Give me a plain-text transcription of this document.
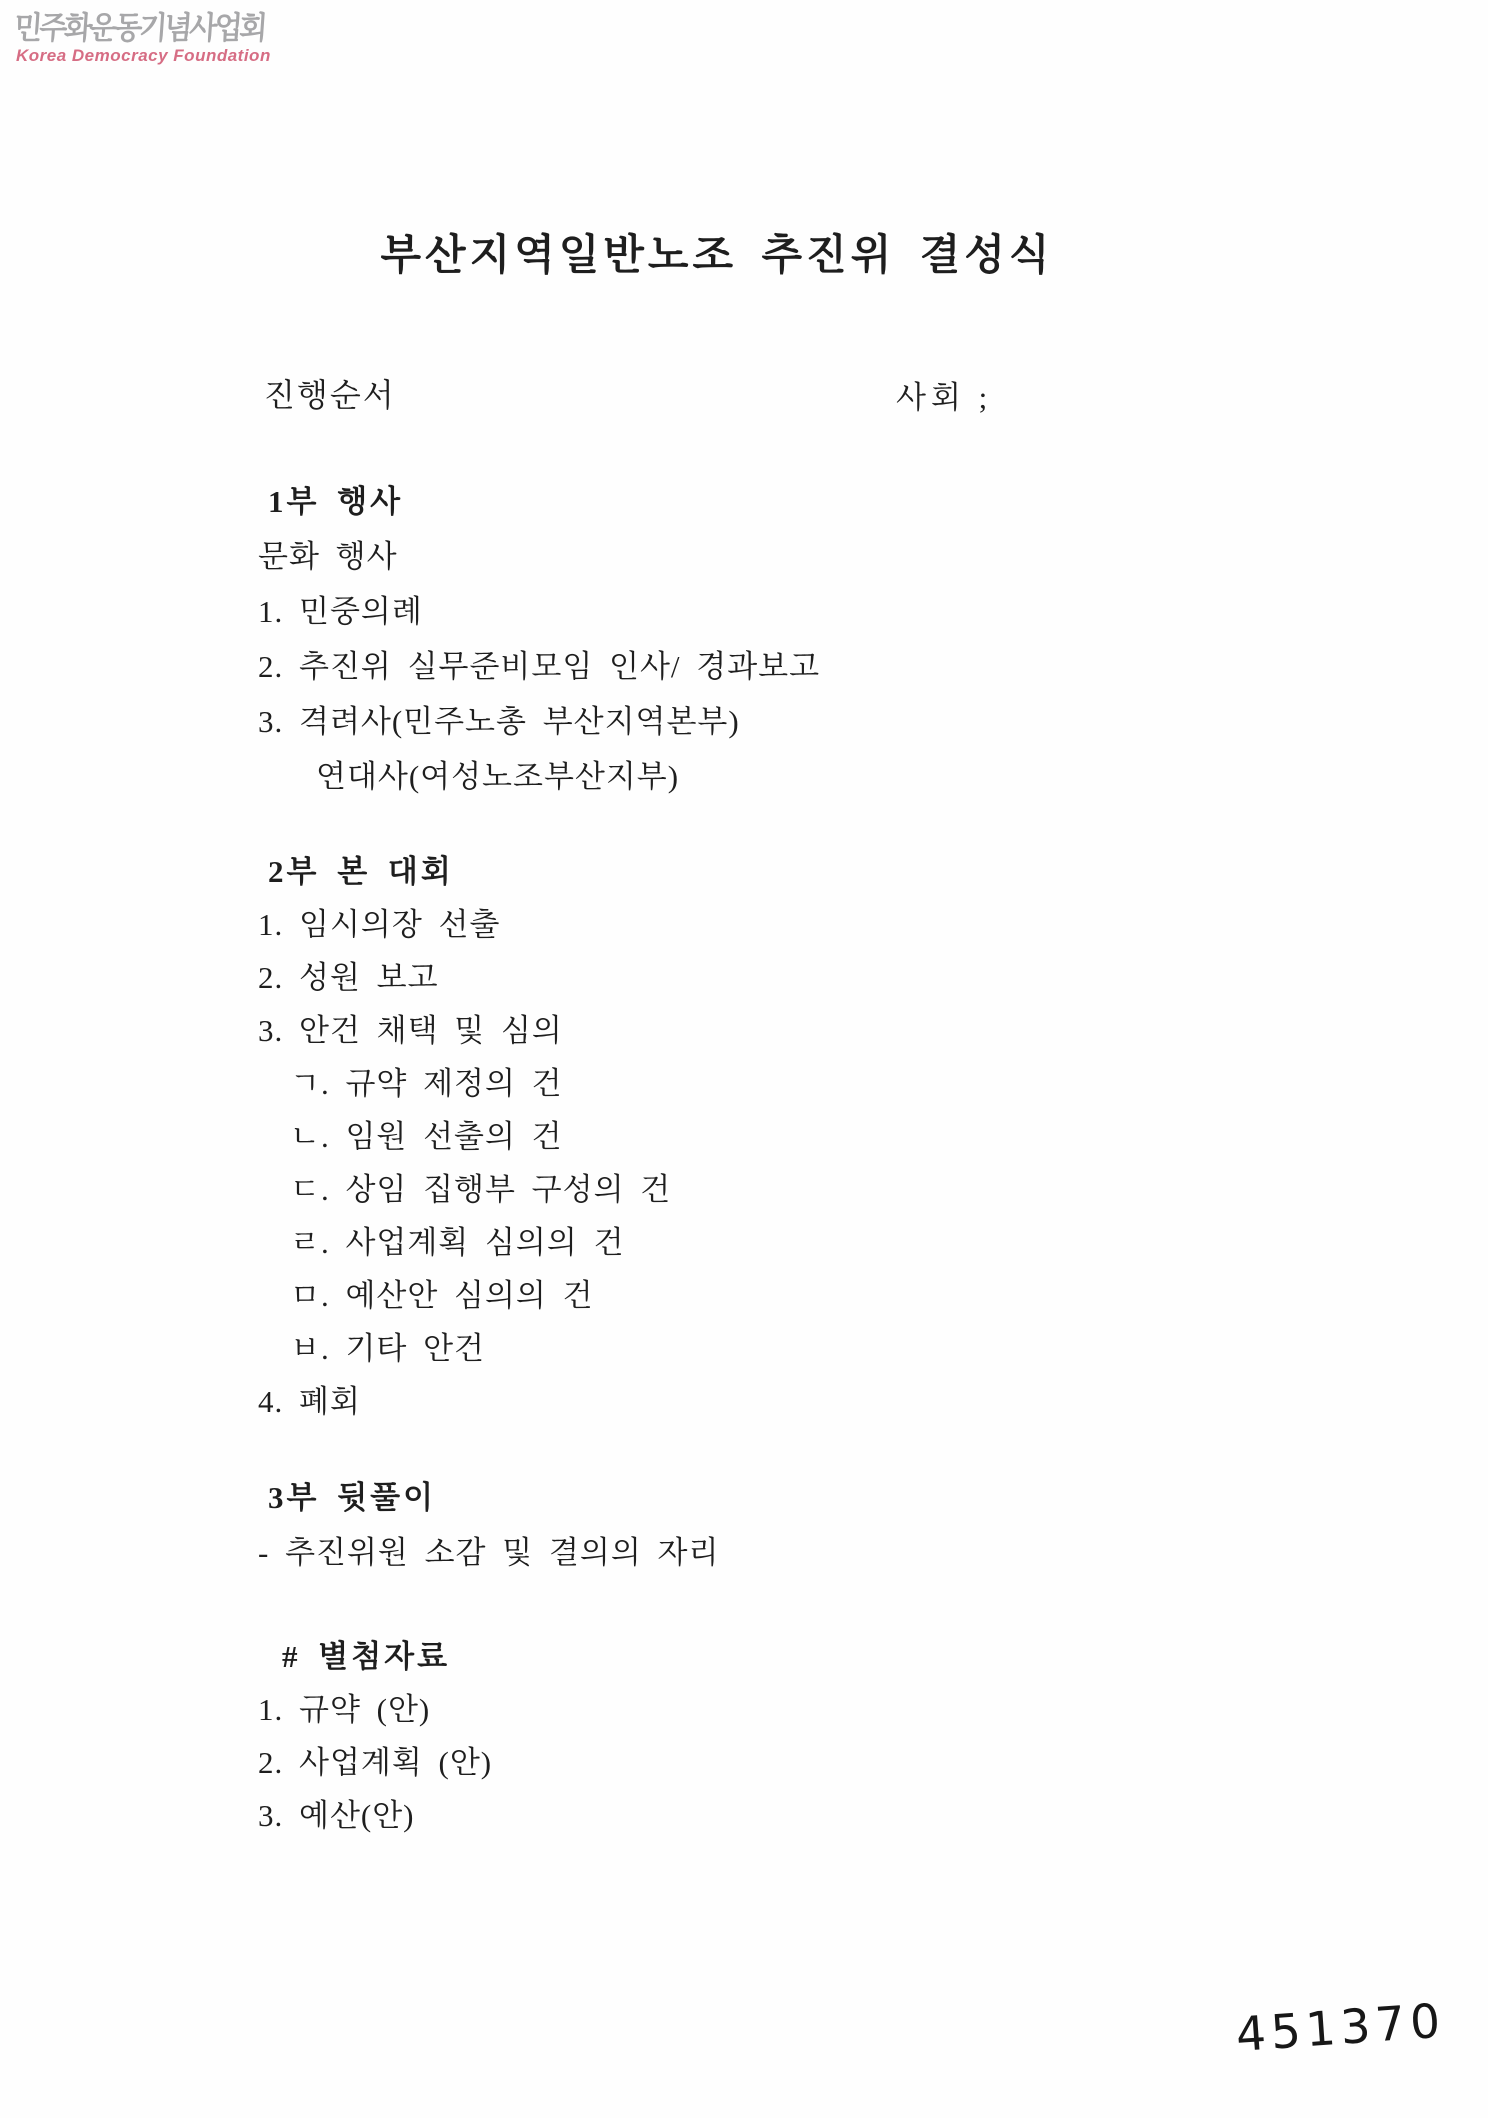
민주화운동기념사업회
Korea Democracy Foundation
부산지역일반노조 추진위 결성식
진행순서	사회 ;
1부 행사
문화 행사
1. 민중의례
2. 추진위 실무준비모임 인사/ 경과보고
3. 격려사(민주노총 부산지역본부)
연대사(여성노조부산지부)
2부 본 대회
1. 임시의장 선출
2. 성원 보고
3. 안건 채택 및 심의
ㄱ. 규약 제정의 건
ㄴ. 임원 선출의 건
ㄷ. 상임 집행부 구성의 건
ㄹ. 사업계획 심의의 건
ㅁ. 예산안 심의의 건
ㅂ. 기타 안건
4. 폐회
3부 뒷풀이
- 추진위원 소감 및 결의의 자리
# 별첨자료
1. 규약 (안)
2. 사업계획 (안)
3. 예산(안)
451370
